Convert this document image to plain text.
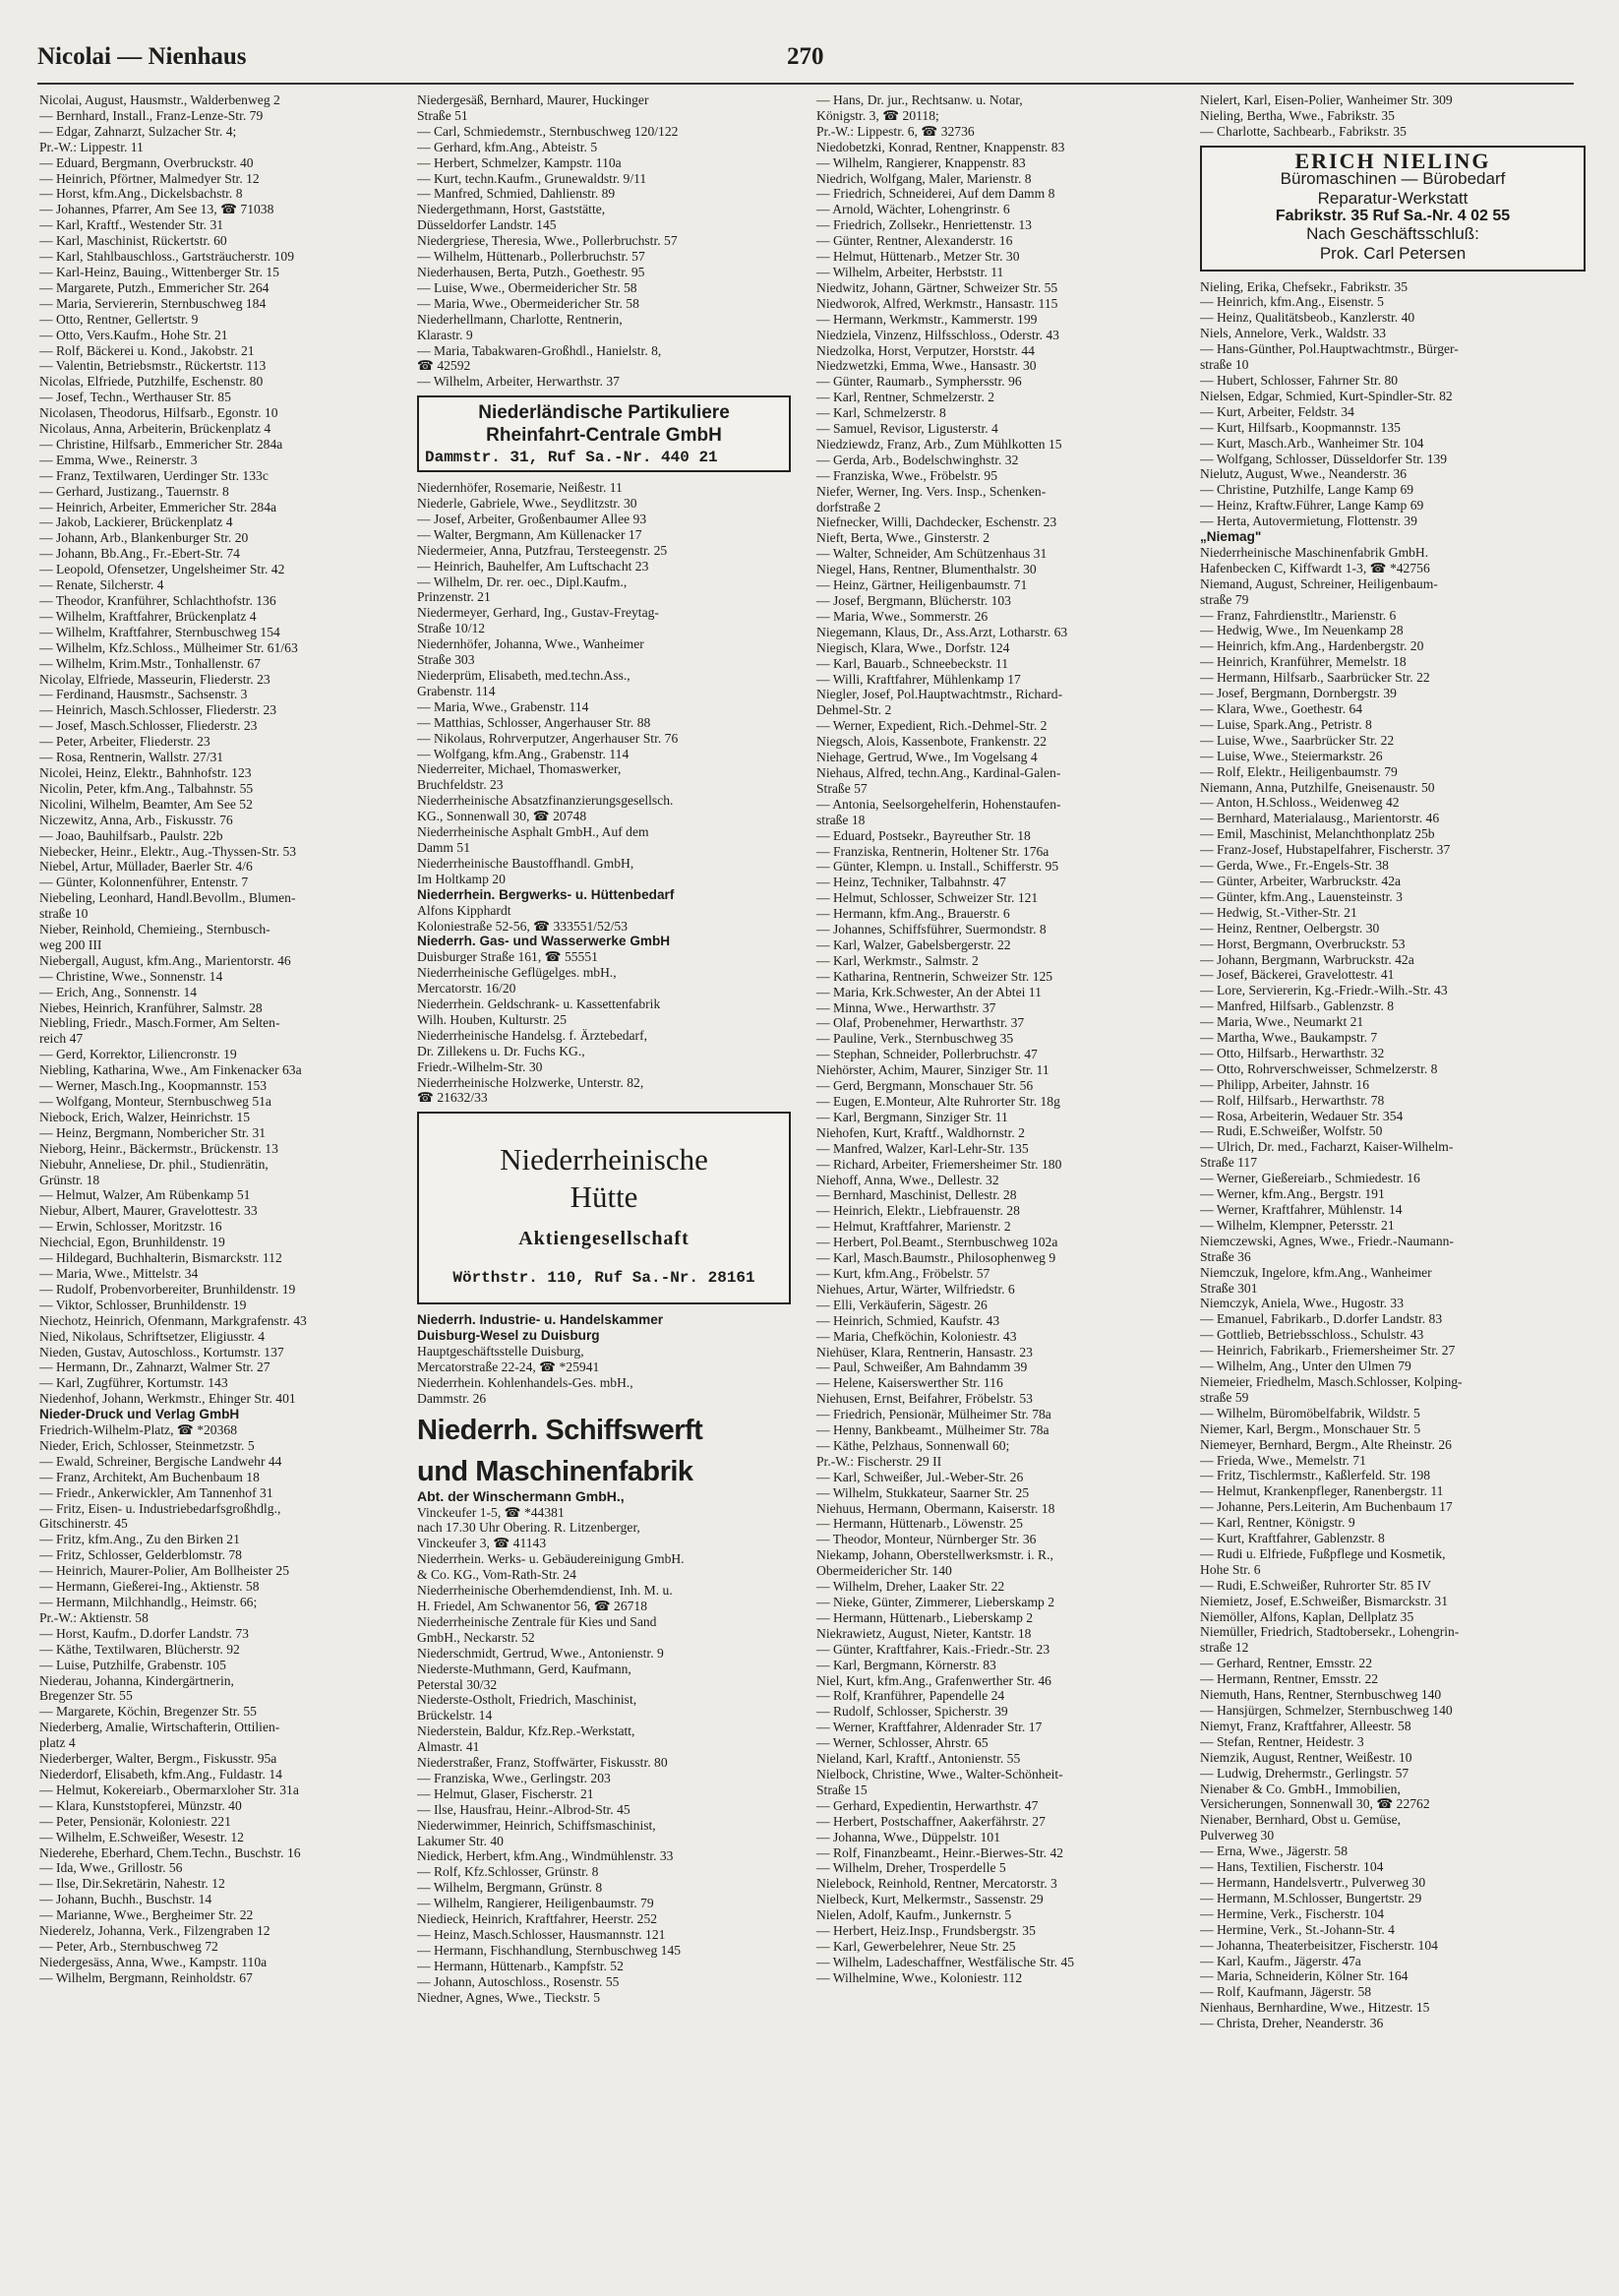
Nicolai — Nienhaus	270
Nicolai, August, Hausmstr., Walderbenweg 2
— Bernhard, Install., Franz-Lenze-Str. 79
— Edgar, Zahnarzt, Sulzacher Str. 4;
Pr.-W.: Lippestr. 11
— Eduard, Bergmann, Overbruckstr. 40
— Heinrich, Pförtner, Malmedyer Str. 12
— Horst, kfm.Ang., Dickelsbachstr. 8
— Johannes, Pfarrer, Am See 13, ☎ 71038
— Karl, Kraftf., Westender Str. 31
— Karl, Maschinist, Rückertstr. 60
— Karl, Stahlbauschloss., Gartsträucherstr. 109
— Karl-Heinz, Bauing., Wittenberger Str. 15
— Margarete, Putzh., Emmericher Str. 264
— Maria, Serviererin, Sternbuschweg 184
— Otto, Rentner, Gellertstr. 9
— Otto, Vers.Kaufm., Hohe Str. 21
— Rolf, Bäckerei u. Kond., Jakobstr. 21
— Valentin, Betriebsmstr., Rückertstr. 113
Nicolas, Elfriede, Putzhilfe, Eschenstr. 80
— Josef, Techn., Werthauser Str. 85
Nicolasen, Theodorus, Hilfsarb., Egonstr. 10
Nicolaus, Anna, Arbeiterin, Brückenplatz 4
— Christine, Hilfsarb., Emmericher Str. 284a
— Emma, Wwe., Reinerstr. 3
— Franz, Textilwaren, Uerdinger Str. 133c
— Gerhard, Justizang., Tauernstr. 8
— Heinrich, Arbeiter, Emmericher Str. 284a
— Jakob, Lackierer, Brückenplatz 4
— Johann, Arb., Blankenburger Str. 20
— Johann, Bb.Ang., Fr.-Ebert-Str. 74
— Leopold, Ofensetzer, Ungelsheimer Str. 42
— Renate, Silcherstr. 4
— Theodor, Kranführer, Schlachthofstr. 136
— Wilhelm, Kraftfahrer, Brückenplatz 4
— Wilhelm, Kraftfahrer, Sternbuschweg 154
— Wilhelm, Kfz.Schloss., Mülheimer Str. 61/63
— Wilhelm, Krim.Mstr., Tonhallenstr. 67
Nicolay, Elfriede, Masseurin, Fliederstr. 23
— Ferdinand, Hausmstr., Sachsenstr. 3
— Heinrich, Masch.Schlosser, Fliederstr. 23
— Josef, Masch.Schlosser, Fliederstr. 23
— Peter, Arbeiter, Fliederstr. 23
— Rosa, Rentnerin, Wallstr. 27/31
Nicolei, Heinz, Elektr., Bahnhofstr. 123
Nicolin, Peter, kfm.Ang., Talbahnstr. 55
Nicolini, Wilhelm, Beamter, Am See 52
Niczewitz, Anna, Arb., Fiskusstr. 76
— Joao, Bauhilfsarb., Paulstr. 22b
Niebecker, Heinr., Elektr., Aug.-Thyssen-Str. 53
Niebel, Artur, Müllader, Baerler Str. 4/6
— Günter, Kolonnenführer, Entenstr. 7
Niebeling, Leonhard, Handl.Bevollm., Blumen-
straße 10
Nieber, Reinhold, Chemieing., Sternbusch-
weg 200 III
Niebergall, August, kfm.Ang., Marientorstr. 46
— Christine, Wwe., Sonnenstr. 14
— Erich, Ang., Sonnenstr. 14
Niebes, Heinrich, Kranführer, Salmstr. 28
Niebling, Friedr., Masch.Former, Am Selten-
reich 47
— Gerd, Korrektor, Liliencronstr. 19
Niebling, Katharina, Wwe., Am Finkenacker 63a
— Werner, Masch.Ing., Koopmannstr. 153
— Wolfgang, Monteur, Sternbuschweg 51a
Niebock, Erich, Walzer, Heinrichstr. 15
— Heinz, Bergmann, Nombericher Str. 31
Nieborg, Heinr., Bäckermstr., Brückenstr. 13
Niebuhr, Anneliese, Dr. phil., Studienrätin,
Grünstr. 18
— Helmut, Walzer, Am Rübenkamp 51
Niebur, Albert, Maurer, Gravelottestr. 33
— Erwin, Schlosser, Moritzstr. 16
Niechcial, Egon, Brunhildenstr. 19
— Hildegard, Buchhalterin, Bismarckstr. 112
— Maria, Wwe., Mittelstr. 34
— Rudolf, Probenvorbereiter, Brunhildenstr. 19
— Viktor, Schlosser, Brunhildenstr. 19
Niechotz, Heinrich, Ofenmann, Markgrafenstr. 43
Nied, Nikolaus, Schriftsetzer, Eligiusstr. 4
Nieden, Gustav, Autoschloss., Kortumstr. 137
— Hermann, Dr., Zahnarzt, Walmer Str. 27
— Karl, Zugführer, Kortumstr. 143
Niedenhof, Johann, Werkmstr., Ehinger Str. 401
Nieder-Druck und Verlag GmbH
Friedrich-Wilhelm-Platz, ☎ *20368
Nieder, Erich, Schlosser, Steinmetzstr. 5
— Ewald, Schreiner, Bergische Landwehr 44
— Franz, Architekt, Am Buchenbaum 18
— Friedr., Ankerwickler, Am Tannenhof 31
— Fritz, Eisen- u. Industriebedarfsgroßhdlg.,
Gitschinerstr. 45
— Fritz, kfm.Ang., Zu den Birken 21
— Fritz, Schlosser, Gelderblomstr. 78
— Heinrich, Maurer-Polier, Am Bollheister 25
— Hermann, Gießerei-Ing., Aktienstr. 58
— Hermann, Milchhandlg., Heimstr. 66;
Pr.-W.: Aktienstr. 58
— Horst, Kaufm., D.dorfer Landstr. 73
— Käthe, Textilwaren, Blücherstr. 92
— Luise, Putzhilfe, Grabenstr. 105
Niederau, Johanna, Kindergärtnerin,
Bregenzer Str. 55
— Margarete, Köchin, Bregenzer Str. 55
Niederberg, Amalie, Wirtschafterin, Ottilien-
platz 4
Niederberger, Walter, Bergm., Fiskusstr. 95a
Niederdorf, Elisabeth, kfm.Ang., Fuldastr. 14
— Helmut, Kokereiarb., Obermarxloher Str. 31a
— Klara, Kunststopferei, Münzstr. 40
— Peter, Pensionär, Koloniestr. 221
— Wilhelm, E.Schweißer, Wesestr. 12
Niederehe, Eberhard, Chem.Techn., Buschstr. 16
— Ida, Wwe., Grillostr. 56
— Ilse, Dir.Sekretärin, Nahestr. 12
— Johann, Buchh., Buschstr. 14
— Marianne, Wwe., Bergheimer Str. 22
Niederelz, Johanna, Verk., Filzengraben 12
— Peter, Arb., Sternbuschweg 72
Niedergesäss, Anna, Wwe., Kampstr. 110a
— Wilhelm, Bergmann, Reinholdstr. 67
Niedergesäß, Bernhard, Maurer, Huckinger
Straße 51
— Carl, Schmiedemstr., Sternbuschweg 120/122
— Gerhard, kfm.Ang., Abteistr. 5
— Herbert, Schmelzer, Kampstr. 110a
— Kurt, techn.Kaufm., Grunewaldstr. 9/11
— Manfred, Schmied, Dahlienstr. 89
Niedergethmann, Horst, Gaststätte,
Düsseldorfer Landstr. 145
Niedergriese, Theresia, Wwe., Pollerbruchstr. 57
— Wilhelm, Hüttenarb., Pollerbruchstr. 57
Niederhausen, Berta, Putzh., Goethestr. 95
— Luise, Wwe., Obermeidericher Str. 58
— Maria, Wwe., Obermeidericher Str. 58
Niederhellmann, Charlotte, Rentnerin,
Klarastr. 9
— Maria, Tabakwaren-Großhdl., Hanielstr. 8,
☎ 42592
— Wilhelm, Arbeiter, Herwarthstr. 37
Niederländische Partikuliere
Rheinfahrt-Centrale GmbH
Dammstr. 31, Ruf Sa.-Nr. 440 21
Niedernhöfer, Rosemarie, Neißestr. 11
Niederle, Gabriele, Wwe., Seydlitzstr. 30
— Josef, Arbeiter, Großenbaumer Allee 93
— Walter, Bergmann, Am Küllenacker 17
Niedermeier, Anna, Putzfrau, Tersteegenstr. 25
— Heinrich, Bauhelfer, Am Luftschacht 23
— Wilhelm, Dr. rer. oec., Dipl.Kaufm.,
Prinzenstr. 21
Niedermeyer, Gerhard, Ing., Gustav-Freytag-
Straße 10/12
Niedernhöfer, Johanna, Wwe., Wanheimer
Straße 303
Niederprüm, Elisabeth, med.techn.Ass.,
Grabenstr. 114
— Maria, Wwe., Grabenstr. 114
— Matthias, Schlosser, Angerhauser Str. 88
— Nikolaus, Rohrverputzer, Angerhauser Str. 76
— Wolfgang, kfm.Ang., Grabenstr. 114
Niederreiter, Michael, Thomaswerker,
Bruchfeldstr. 23
Niederrheinische Absatzfinanzierungsgesellsch.
KG., Sonnenwall 30, ☎ 20748
Niederrheinische Asphalt GmbH., Auf dem
Damm 51
Niederrheinische Baustoffhandl. GmbH,
Im Holtkamp 20
Niederrhein. Bergwerks- u. Hüttenbedarf
Alfons Kipphardt
Koloniestraße 52-56, ☎ 333551/52/53
Niederrh. Gas- und Wasserwerke GmbH
Duisburger Straße 161, ☎ 55551
Niederrheinische Geflügelges. mbH.,
Mercatorstr. 16/20
Niederrhein. Geldschrank- u. Kassettenfabrik
Wilh. Houben, Kulturstr. 25
Niederrheinische Handelsg. f. Ärztebedarf,
Dr. Zillekens u. Dr. Fuchs KG.,
Friedr.-Wilhelm-Str. 30
Niederrheinische Holzwerke, Unterstr. 82,
☎ 21632/33
Niederrheinische
Hütte
Aktiengesellschaft
Wörthstr. 110, Ruf Sa.-Nr. 28161
Niederrh. Industrie- u. Handelskammer
Duisburg-Wesel zu Duisburg
Hauptgeschäftsstelle Duisburg,
Mercatorstraße 22-24, ☎ *25941
Niederrhein. Kohlenhandels-Ges. mbH.,
Dammstr. 26
Niederrh. Schiffswerft
und Maschinenfabrik
Abt. der Winschermann GmbH.,
Vinckeufer 1-5, ☎ *44381
nach 17.30 Uhr Obering. R. Litzenberger,
Vinckeufer 3, ☎ 41143
Niederrhein. Werks- u. Gebäudereinigung GmbH.
& Co. KG., Vom-Rath-Str. 24
Niederrheinische Oberhemdendienst, Inh. M. u.
H. Friedel, Am Schwanentor 56, ☎ 26718
Niederrheinische Zentrale für Kies und Sand
GmbH., Neckarstr. 52
Niederschmidt, Gertrud, Wwe., Antonienstr. 9
Niederste-Muthmann, Gerd, Kaufmann,
Peterstal 30/32
Niederste-Ostholt, Friedrich, Maschinist,
Brückelstr. 14
Niederstein, Baldur, Kfz.Rep.-Werkstatt,
Almastr. 41
Niederstraßer, Franz, Stoffwärter, Fiskusstr. 80
— Franziska, Wwe., Gerlingstr. 203
— Helmut, Glaser, Fischerstr. 21
— Ilse, Hausfrau, Heinr.-Albrod-Str. 45
Niederwimmer, Heinrich, Schiffsmaschinist,
Lakumer Str. 40
Niedick, Herbert, kfm.Ang., Windmühlenstr. 33
— Rolf, Kfz.Schlosser, Grünstr. 8
— Wilhelm, Bergmann, Grünstr. 8
— Wilhelm, Rangierer, Heiligenbaumstr. 79
Niedieck, Heinrich, Kraftfahrer, Heerstr. 252
— Heinz, Masch.Schlosser, Hausmannstr. 121
— Hermann, Fischhandlung, Sternbuschweg 145
— Hermann, Hüttenarb., Kampfstr. 52
— Johann, Autoschloss., Rosenstr. 55
Niedner, Agnes, Wwe., Tieckstr. 5
— Hans, Dr. jur., Rechtsanw. u. Notar,
Königstr. 3, ☎ 20118;
Pr.-W.: Lippestr. 6, ☎ 32736
Niedobetzki, Konrad, Rentner, Knappenstr. 83
— Wilhelm, Rangierer, Knappenstr. 83
Niedrich, Wolfgang, Maler, Marienstr. 8
— Friedrich, Schneiderei, Auf dem Damm 8
— Arnold, Wächter, Lohengrinstr. 6
— Friedrich, Zollsekr., Henriettenstr. 13
— Günter, Rentner, Alexanderstr. 16
— Helmut, Hüttenarb., Metzer Str. 30
— Wilhelm, Arbeiter, Herbststr. 11
Niedwitz, Johann, Gärtner, Schweizer Str. 55
Niedworok, Alfred, Werkmstr., Hansastr. 115
— Hermann, Werkmstr., Kammerstr. 199
Niedziela, Vinzenz, Hilfsschloss., Oderstr. 43
Niedzolka, Horst, Verputzer, Horststr. 44
Niedzwetzki, Emma, Wwe., Hansastr. 30
— Günter, Raumarb., Symphersstr. 96
— Karl, Rentner, Schmelzerstr. 2
— Karl, Schmelzerstr. 8
— Samuel, Revisor, Ligusterstr. 4
Niedziewdz, Franz, Arb., Zum Mühlkotten 15
— Gerda, Arb., Bodelschwinghstr. 32
— Franziska, Wwe., Fröbelstr. 95
Niefer, Werner, Ing. Vers. Insp., Schenken-
dorfstraße 2
Niefnecker, Willi, Dachdecker, Eschenstr. 23
Nieft, Berta, Wwe., Ginsterstr. 2
— Walter, Schneider, Am Schützenhaus 31
Niegel, Hans, Rentner, Blumenthalstr. 30
— Heinz, Gärtner, Heiligenbaumstr. 71
— Josef, Bergmann, Blücherstr. 103
— Maria, Wwe., Sommerstr. 26
Niegemann, Klaus, Dr., Ass.Arzt, Lotharstr. 63
Niegisch, Klara, Wwe., Dorfstr. 124
— Karl, Bauarb., Schneebeckstr. 11
— Willi, Kraftfahrer, Mühlenkamp 17
Niegler, Josef, Pol.Hauptwachtmstr., Richard-
Dehmel-Str. 2
— Werner, Expedient, Rich.-Dehmel-Str. 2
Niegsch, Alois, Kassenbote, Frankenstr. 22
Niehage, Gertrud, Wwe., Im Vogelsang 4
Niehaus, Alfred, techn.Ang., Kardinal-Galen-
Straße 57
— Antonia, Seelsorgehelferin, Hohenstaufen-
straße 18
— Eduard, Postsekr., Bayreuther Str. 18
— Franziska, Rentnerin, Holtener Str. 176a
— Günter, Klempn. u. Install., Schifferstr. 95
— Heinz, Techniker, Talbahnstr. 47
— Helmut, Schlosser, Schweizer Str. 121
— Hermann, kfm.Ang., Brauerstr. 6
— Johannes, Schiffsführer, Suermondstr. 8
— Karl, Walzer, Gabelsbergerstr. 22
— Karl, Werkmstr., Salmstr. 2
— Katharina, Rentnerin, Schweizer Str. 125
— Maria, Krk.Schwester, An der Abtei 11
— Minna, Wwe., Herwarthstr. 37
— Olaf, Probenehmer, Herwarthstr. 37
— Pauline, Verk., Sternbuschweg 35
— Stephan, Schneider, Pollerbruchstr. 47
Niehörster, Achim, Maurer, Sinziger Str. 11
— Gerd, Bergmann, Monschauer Str. 56
— Eugen, E.Monteur, Alte Ruhrorter Str. 18g
— Karl, Bergmann, Sinziger Str. 11
Niehofen, Kurt, Kraftf., Waldhornstr. 2
— Manfred, Walzer, Karl-Lehr-Str. 135
— Richard, Arbeiter, Friemersheimer Str. 180
Niehoff, Anna, Wwe., Dellestr. 32
— Bernhard, Maschinist, Dellestr. 28
— Heinrich, Elektr., Liebfrauenstr. 28
— Helmut, Kraftfahrer, Marienstr. 2
— Herbert, Pol.Beamt., Sternbuschweg 102a
— Karl, Masch.Baumstr., Philosophenweg 9
— Kurt, kfm.Ang., Fröbelstr. 57
Niehues, Artur, Wärter, Wilfriedstr. 6
— Elli, Verkäuferin, Sägestr. 26
— Heinrich, Schmied, Kaufstr. 43
— Maria, Chefköchin, Koloniestr. 43
Niehüser, Klara, Rentnerin, Hansastr. 23
— Paul, Schweißer, Am Bahndamm 39
— Helene, Kaiserswerther Str. 116
Niehusen, Ernst, Beifahrer, Fröbelstr. 53
— Friedrich, Pensionär, Mülheimer Str. 78a
— Henny, Bankbeamt., Mülheimer Str. 78a
— Käthe, Pelzhaus, Sonnenwall 60;
Pr.-W.: Fischerstr. 29 II
— Karl, Schweißer, Jul.-Weber-Str. 26
— Wilhelm, Stukkateur, Saarner Str. 25
Niehuus, Hermann, Obermann, Kaiserstr. 18
— Hermann, Hüttenarb., Löwenstr. 25
— Theodor, Monteur, Nürnberger Str. 36
Niekamp, Johann, Oberstellwerksmstr. i. R.,
Obermeidericher Str. 140
— Wilhelm, Dreher, Laaker Str. 22
— Nieke, Günter, Zimmerer, Lieberskamp 2
— Hermann, Hüttenarb., Lieberskamp 2
Niekrawietz, August, Nieter, Kantstr. 18
— Günter, Kraftfahrer, Kais.-Friedr.-Str. 23
— Karl, Bergmann, Körnerstr. 83
Niel, Kurt, kfm.Ang., Grafenwerther Str. 46
— Rolf, Kranführer, Papendelle 24
— Rudolf, Schlosser, Spicherstr. 39
— Werner, Kraftfahrer, Aldenrader Str. 17
— Werner, Schlosser, Ahrstr. 65
Nieland, Karl, Kraftf., Antonienstr. 55
Nielbock, Christine, Wwe., Walter-Schönheit-
Straße 15
— Gerhard, Expedientin, Herwarthstr. 47
— Herbert, Postschaffner, Aakerfährstr. 27
— Johanna, Wwe., Düppelstr. 101
— Rolf, Finanzbeamt., Heinr.-Bierwes-Str. 42
— Wilhelm, Dreher, Trosperdelle 5
Nielebock, Reinhold, Rentner, Mercatorstr. 3
Nielbeck, Kurt, Melkermstr., Sassenstr. 29
Nielen, Adolf, Kaufm., Junkernstr. 5
— Herbert, Heiz.Insp., Frundsbergstr. 35
— Karl, Gewerbelehrer, Neue Str. 25
— Wilhelm, Ladeschaffner, Westfälische Str. 45
— Wilhelmine, Wwe., Koloniestr. 112
Nielert, Karl, Eisen-Polier, Wanheimer Str. 309
Nieling, Bertha, Wwe., Fabrikstr. 35
— Charlotte, Sachbearb., Fabrikstr. 35
ERICH NIELING
Büromaschinen — Bürobedarf
Reparatur-Werkstatt
Fabrikstr. 35 Ruf Sa.-Nr. 4 02 55
Nach Geschäftsschluß:
Prok. Carl Petersen
Nieling, Erika, Chefsekr., Fabrikstr. 35
— Heinrich, kfm.Ang., Eisenstr. 5
— Heinz, Qualitätsbeob., Kanzlerstr. 40
Niels, Annelore, Verk., Waldstr. 33
— Hans-Günther, Pol.Hauptwachtmstr., Bürger-
straße 10
— Hubert, Schlosser, Fahrner Str. 80
Nielsen, Edgar, Schmied, Kurt-Spindler-Str. 82
— Kurt, Arbeiter, Feldstr. 34
— Kurt, Hilfsarb., Koopmannstr. 135
— Kurt, Masch.Arb., Wanheimer Str. 104
— Wolfgang, Schlosser, Düsseldorfer Str. 139
Nielutz, August, Wwe., Neanderstr. 36
— Christine, Putzhilfe, Lange Kamp 69
— Heinz, Kraftw.Führer, Lange Kamp 69
— Herta, Autovermietung, Flottenstr. 39
„Niemag"
Niederrheinische Maschinenfabrik GmbH.
Hafenbecken C, Kiffwardt 1-3, ☎ *42756
Niemand, August, Schreiner, Heiligenbaum-
straße 79
— Franz, Fahrdienstltr., Marienstr. 6
— Hedwig, Wwe., Im Neuenkamp 28
— Heinrich, kfm.Ang., Hardenbergstr. 20
— Heinrich, Kranführer, Memelstr. 18
— Hermann, Hilfsarb., Saarbrücker Str. 22
— Josef, Bergmann, Dornbergstr. 39
— Klara, Wwe., Goethestr. 64
— Luise, Spark.Ang., Petristr. 8
— Luise, Wwe., Saarbrücker Str. 22
— Luise, Wwe., Steiermarkstr. 26
— Rolf, Elektr., Heiligenbaumstr. 79
Niemann, Anna, Putzhilfe, Gneisenaustr. 50
— Anton, H.Schloss., Weidenweg 42
— Bernhard, Materialausg., Marientorstr. 46
— Emil, Maschinist, Melanchthonplatz 25b
— Franz-Josef, Hubstapelfahrer, Fischerstr. 37
— Gerda, Wwe., Fr.-Engels-Str. 38
— Günter, Arbeiter, Warbruckstr. 42a
— Günter, kfm.Ang., Lauensteinstr. 3
— Hedwig, St.-Vither-Str. 21
— Heinz, Rentner, Oelbergstr. 30
— Horst, Bergmann, Overbruckstr. 53
— Johann, Bergmann, Warbruckstr. 42a
— Josef, Bäckerei, Gravelottestr. 41
— Lore, Serviererin, Kg.-Friedr.-Wilh.-Str. 43
— Manfred, Hilfsarb., Gablenzstr. 8
— Maria, Wwe., Neumarkt 21
— Martha, Wwe., Baukampstr. 7
— Otto, Hilfsarb., Herwarthstr. 32
— Otto, Rohrverschweisser, Schmelzerstr. 8
— Philipp, Arbeiter, Jahnstr. 16
— Rolf, Hilfsarb., Herwarthstr. 78
— Rosa, Arbeiterin, Wedauer Str. 354
— Rudi, E.Schweißer, Wolfstr. 50
— Ulrich, Dr. med., Facharzt, Kaiser-Wilhelm-
Straße 117
— Werner, Gießereiarb., Schmiedestr. 16
— Werner, kfm.Ang., Bergstr. 191
— Werner, Kraftfahrer, Mühlenstr. 14
— Wilhelm, Klempner, Petersstr. 21
Niemczewski, Agnes, Wwe., Friedr.-Naumann-
Straße 36
Niemczuk, Ingelore, kfm.Ang., Wanheimer
Straße 301
Niemczyk, Aniela, Wwe., Hugostr. 33
— Emanuel, Fabrikarb., D.dorfer Landstr. 83
— Gottlieb, Betriebsschloss., Schulstr. 43
— Heinrich, Fabrikarb., Friemersheimer Str. 27
— Wilhelm, Ang., Unter den Ulmen 79
Niemeier, Friedhelm, Masch.Schlosser, Kolping-
straße 59
— Wilhelm, Büromöbelfabrik, Wildstr. 5
Niemer, Karl, Bergm., Monschauer Str. 5
Niemeyer, Bernhard, Bergm., Alte Rheinstr. 26
— Frieda, Wwe., Memelstr. 71
— Fritz, Tischlermstr., Kaßlerfeld. Str. 198
— Helmut, Krankenpfleger, Ranenbergstr. 11
— Johanne, Pers.Leiterin, Am Buchenbaum 17
— Karl, Rentner, Königstr. 9
— Kurt, Kraftfahrer, Gablenzstr. 8
— Rudi u. Elfriede, Fußpflege und Kosmetik,
Hohe Str. 6
— Rudi, E.Schweißer, Ruhrorter Str. 85 IV
Niemietz, Josef, E.Schweißer, Bismarckstr. 31
Niemöller, Alfons, Kaplan, Dellplatz 35
Niemüller, Friedrich, Stadtobersekr., Lohengrin-
straße 12
— Gerhard, Rentner, Emsstr. 22
— Hermann, Rentner, Emsstr. 22
Niemuth, Hans, Rentner, Sternbuschweg 140
— Hansjürgen, Schmelzer, Sternbuschweg 140
Niemyt, Franz, Kraftfahrer, Alleestr. 58
— Stefan, Rentner, Heidestr. 3
Niemzik, August, Rentner, Weißestr. 10
— Ludwig, Drehermstr., Gerlingstr. 57
Nienaber & Co. GmbH., Immobilien,
Versicherungen, Sonnenwall 30, ☎ 22762
Nienaber, Bernhard, Obst u. Gemüse,
Pulverweg 30
— Erna, Wwe., Jägerstr. 58
— Hans, Textilien, Fischerstr. 104
— Hermann, Handelsvertr., Pulverweg 30
— Hermann, M.Schlosser, Bungertstr. 29
— Hermine, Verk., Fischerstr. 104
— Hermine, Verk., St.-Johann-Str. 4
— Johanna, Theaterbeisitzer, Fischerstr. 104
— Karl, Kaufm., Jägerstr. 47a
— Maria, Schneiderin, Kölner Str. 164
— Rolf, Kaufmann, Jägerstr. 58
Nienhaus, Bernhardine, Wwe., Hitzestr. 15
— Christa, Dreher, Neanderstr. 36
